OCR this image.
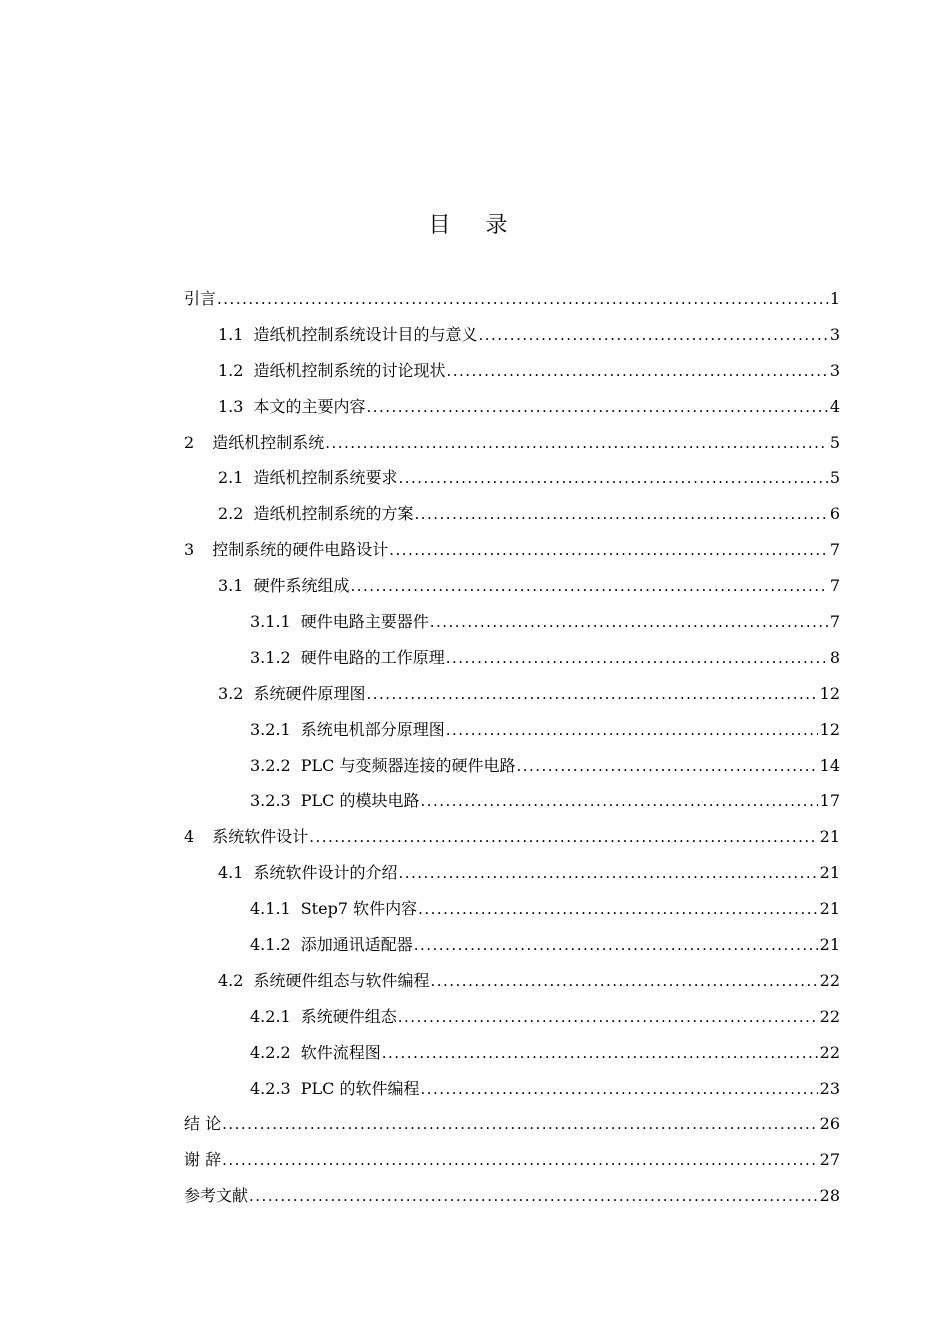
目 录
引言 .....	1
1.1 造纸机控制系统设计目的与意义 .....	3
1.2 造纸机控制系统的讨论现状 .....	3
1.3 本文的主要内容 .....	4
2 造纸机控制系统 .....	5
2.1 造纸机控制系统要求 .....	5
2.2 造纸机控制系统的方案 .....	6
3 控制系统的硬件电路设计 .....	7
3.1 硬件系统组成 .....	7
3.1.1 硬件电路主要器件 .....	7
3.1.2 硬件电路的工作原理 .....	8
3.2 系统硬件原理图 .....	12
3.2.1 系统电机部分原理图 .....	12
3.2.2 PLC 与变频器连接的硬件电路 .....	14
3.2.3 PLC 的模块电路 .....	17
4 系统软件设计 .....	21
4.1 系统软件设计的介绍 .....	21
4.1.1 Step7 软件内容 .....	21
4.1.2 添加通讯适配器 .....	21
4.2 系统硬件组态与软件编程 .....	22
4.2.1 系统硬件组态 .....	22
4.2.2 软件流程图 .....	22
4.2.3 PLC 的软件编程 .....	23
结 论 .....	26
谢 辞 .....	27
参考文献 .....	28
